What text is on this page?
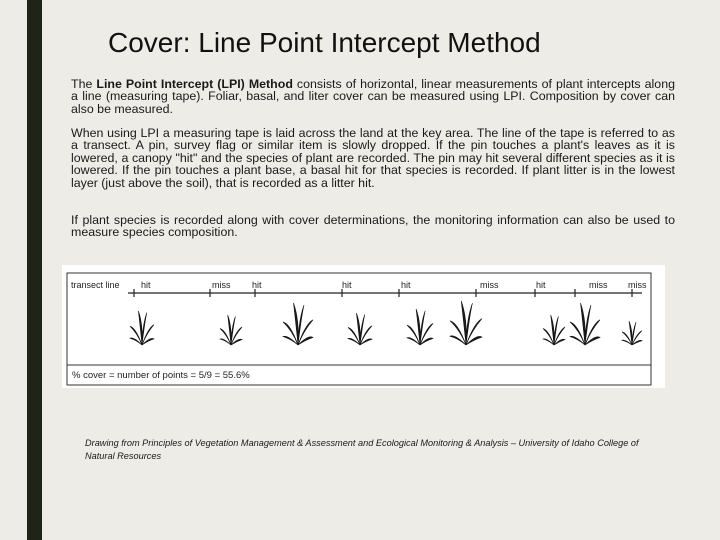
Cover: Line Point Intercept Method

The Line Point Intercept (LPI) Method consists of horizontal, linear measurements of plant intercepts along a line (measuring tape). Foliar, basal, and liter cover can be measured using LPI. Composition by cover can also be measured.

When using LPI a measuring tape is laid across the land at the key area. The line of the tape is referred to as a transect. A pin, survey flag or similar item is slowly dropped. If the pin touches a plant's leaves as it is lowered, a canopy "hit" and the species of plant are recorded. The pin may hit several different species as it is lowered. If the pin touches a plant base, a basal hit for that species is recorded. If plant litter is in the lowest layer (just above the soil), that is recorded as a litter hit.

If plant species is recorded along with cover determinations, the monitoring information can also be used to measure species composition.

transect line
% cover = number of points = 5/9 = 55.6%
hit	miss hit	hit	hit	miss	hit	miss miss

Drawing from Principles of Vegetation Management & Assessment and Ecological Monitoring & Analysis – University of Idaho College of Natural Resources
